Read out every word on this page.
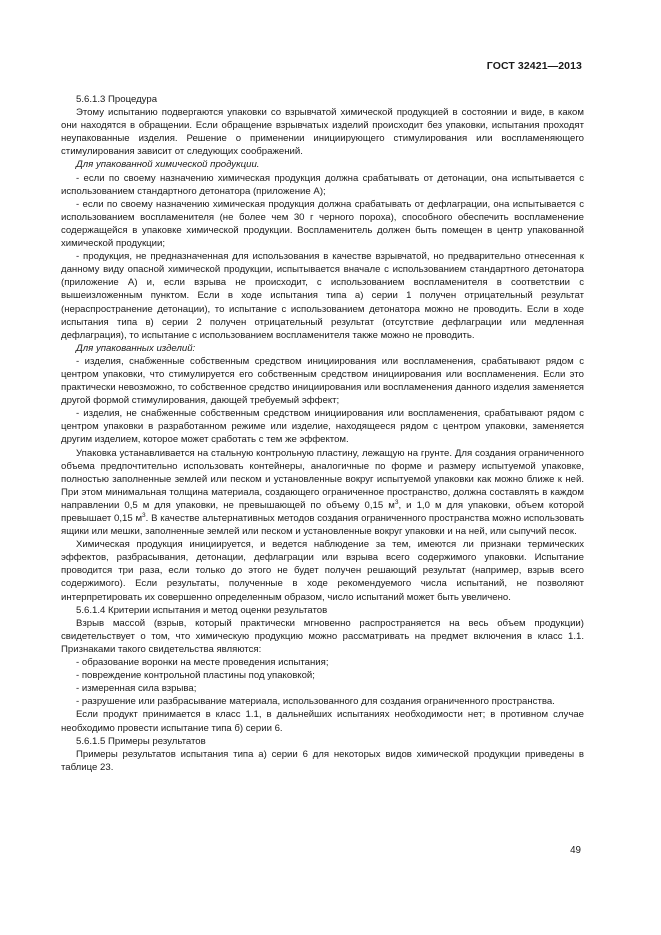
ГОСТ 32421—2013

5.6.1.3 Процедура

Этому испытанию подвергаются упаковки со взрывчатой химической продукцией в состоянии и виде, в каком они находятся в обращении. Если обращение взрывчатых изделий происходит без упаковки, испытания проходят неупакованные изделия. Решение о применении инициирующего стимулирования или воспламеняющего стимулирования зависит от следующих соображений.

Для упакованной химической продукции.

- если по своему назначению химическая продукция должна срабатывать от детонации, она испытывается с использованием стандартного детонатора (приложение А);

- если по своему назначению химическая продукция должна срабатывать от дефлаграции, она испытывается с использованием воспламенителя (не более чем 30 г черного пороха), способного обеспечить воспламенение содержащейся в упаковке химической продукции. Воспламенитель должен быть помещен в центр упакованной химической продукции;

- продукция, не предназначенная для использования в качестве взрывчатой, но предварительно отнесенная к данному виду опасной химической продукции, испытывается вначале с использованием стандартного детонатора (приложение А) и, если взрыва не происходит, с использованием воспламенителя в соответствии с вышеизложенным пунктом. Если в ходе испытания типа а) серии 1 получен отрицательный результат (нераспространение детонации), то испытание с использованием детонатора можно не проводить. Если в ходе испытания типа в) серии 2 получен отрицательный результат (отсутствие дефлаграции или медленная дефлаграция), то испытание с использованием воспламенителя также можно не проводить.

Для упакованных изделий:

- изделия, снабженные собственным средством инициирования или воспламенения, срабатывают рядом с центром упаковки, что стимулируется его собственным средством инициирования или воспламенения. Если это практически невозможно, то собственное средство инициирования или воспламенения данного изделия заменяется другой формой стимулирования, дающей требуемый эффект;

- изделия, не снабженные собственным средством инициирования или воспламенения, срабатывают рядом с центром упаковки в разработанном режиме или изделие, находящееся рядом с центром упаковки, заменяется другим изделием, которое может сработать с тем же эффектом.

Упаковка устанавливается на стальную контрольную пластину, лежащую на грунте. Для создания ограниченного объема предпочтительно использовать контейнеры, аналогичные по форме и размеру испытуемой упаковке, полностью заполненные землей или песком и установленные вокруг испытуемой упаковки как можно ближе к ней. При этом минимальная толщина материала, создающего ограниченное пространство, должна составлять в каждом направлении 0,5 м для упаковки, не превышающей по объему 0,15 $м^3$, и 1,0 м для упаковки, объем которой превышает 0,15 $м^3$. В качестве альтернативных методов создания ограниченного пространства можно использовать ящики или мешки, заполненные землей или песком и установленные вокруг упаковки и на ней, или сыпучий песок.

Химическая продукция инициируется, и ведется наблюдение за тем, имеются ли признаки термических эффектов, разбрасывания, детонации, дефлаграции или взрыва всего содержимого упаковки. Испытание проводится три раза, если только до этого не будет получен решающий результат (например, взрыв всего содержимого). Если результаты, полученные в ходе рекомендуемого числа испытаний, не позволяют интерпретировать их совершенно определенным образом, число испытаний может быть увеличено.

5.6.1.4 Критерии испытания и метод оценки результатов

Взрыв массой (взрыв, который практически мгновенно распространяется на весь объем продукции) свидетельствует о том, что химическую продукцию можно рассматривать на предмет включения в класс 1.1. Признаками такого свидетельства являются:

- образование воронки на месте проведения испытания;

- повреждение контрольной пластины под упаковкой;

- измеренная сила взрыва;

- разрушение или разбрасывание материала, использованного для создания ограниченного пространства.

Если продукт принимается в класс 1.1, в дальнейших испытаниях необходимости нет; в противном случае необходимо провести испытание типа б) серии 6.

5.6.1.5 Примеры результатов

Примеры результатов испытания типа а) серии 6 для некоторых видов химической продукции приведены в таблице 23.

49
